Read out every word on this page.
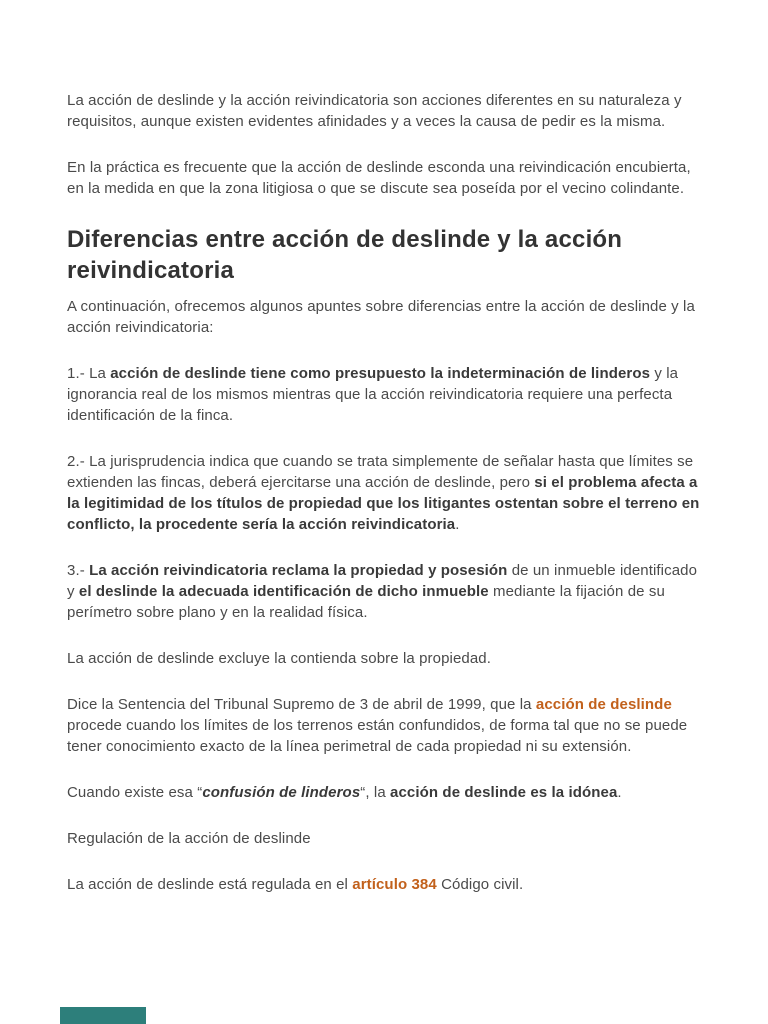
La acción de deslinde y la acción reivindicatoria son acciones diferentes en su naturaleza y requisitos, aunque existen evidentes afinidades y a veces la causa de pedir es la misma.

En la práctica es frecuente que la acción de deslinde esconda una reivindicación encubierta, en la medida en que la zona litigiosa o que se discute sea poseída por el vecino colindante.

Diferencias entre acción de deslinde y la acción reivindicatoria

A continuación, ofrecemos algunos apuntes sobre diferencias entre la acción de deslinde y la acción reivindicatoria:

1.- La acción de deslinde tiene como presupuesto la indeterminación de linderos y la ignorancia real de los mismos mientras que la acción reivindicatoria requiere una perfecta identificación de la finca.

2.- La jurisprudencia indica que cuando se trata simplemente de señalar hasta que límites se extienden las fincas, deberá ejercitarse una acción de deslinde, pero si el problema afecta a la legitimidad de los títulos de propiedad que los litigantes ostentan sobre el terreno en conflicto, la procedente sería la acción reivindicatoria.

3.- La acción reivindicatoria reclama la propiedad y posesión de un inmueble identificado y el deslinde la adecuada identificación de dicho inmueble mediante la fijación de su perímetro sobre plano y en la realidad física.

La acción de deslinde excluye la contienda sobre la propiedad.

Dice la Sentencia del Tribunal Supremo de 3 de abril de 1999, que la acción de deslinde procede cuando los límites de los terrenos están confundidos, de forma tal que no se puede tener conocimiento exacto de la línea perimetral de cada propiedad ni su extensión.

Cuando existe esa “confusión de linderos“, la acción de deslinde es la idónea.

Regulación de la acción de deslinde

La acción de deslinde está regulada en el artículo 384 Código civil.
